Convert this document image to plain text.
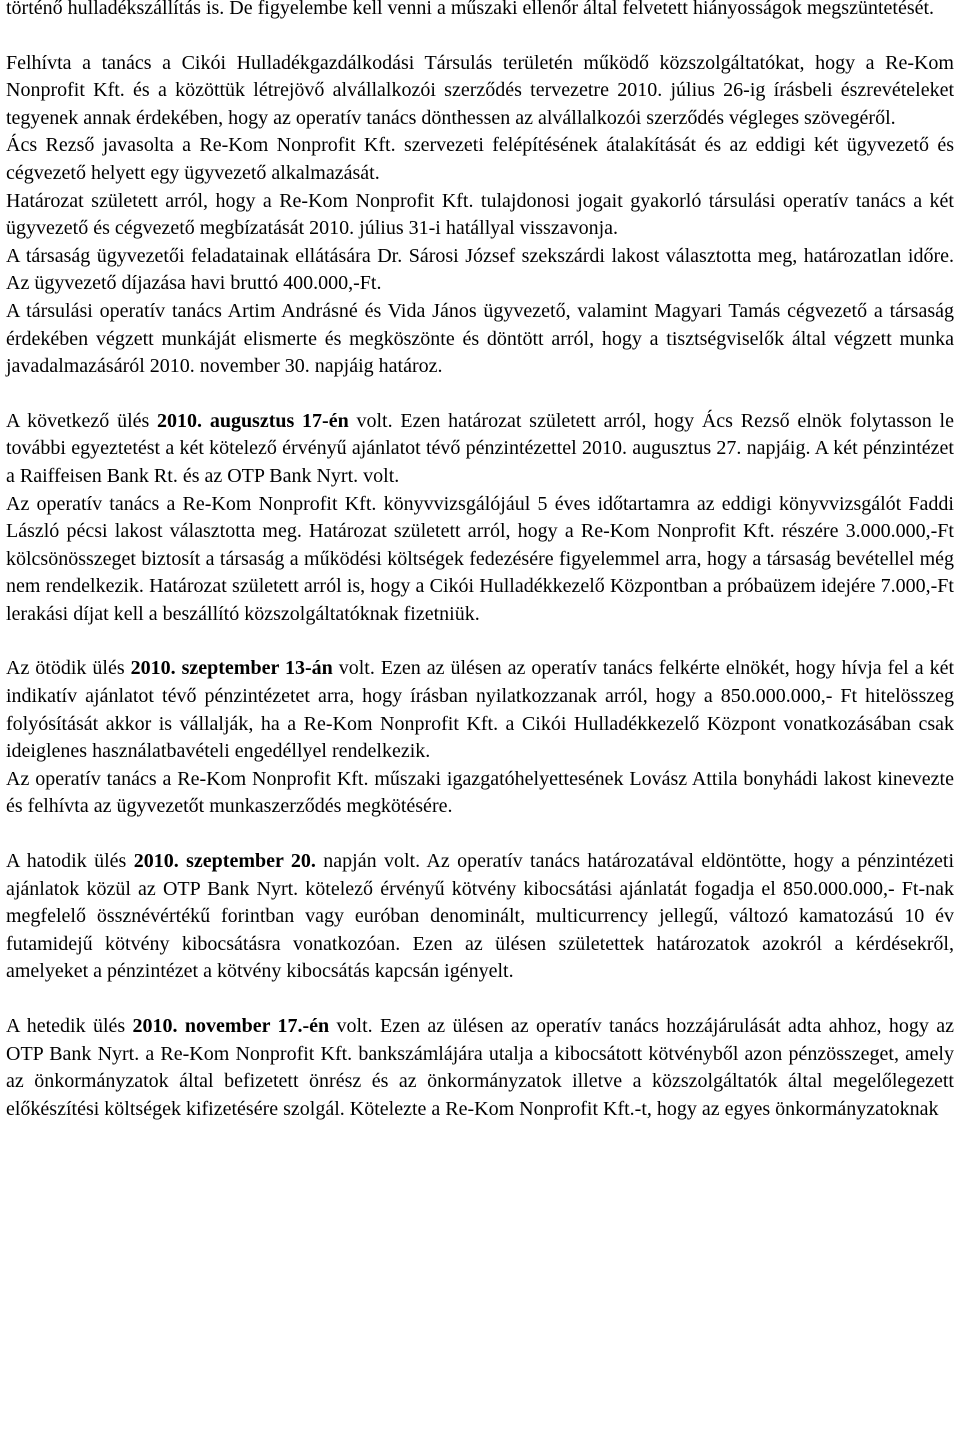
történő hulladékszállítás is. De figyelembe kell venni a műszaki ellenőr által felvetett hiányosságok megszüntetését.

Felhívta a tanács a Cikói Hulladékgazdálkodási Társulás területén működő közszolgáltatókat, hogy a Re-Kom Nonprofit Kft. és a közöttük létrejövő alvállalkozói szerződés tervezetre 2010. július 26-ig írásbeli észrevételeket tegyenek annak érdekében, hogy az operatív tanács dönthessen az alvállalkozói szerződés végleges szövegéről.

Ács Rezső javasolta a Re-Kom Nonprofit Kft. szervezeti felépítésének átalakítását és az eddigi két ügyvezető és cégvezető helyett egy ügyvezető alkalmazását.

Határozat született arról, hogy a Re-Kom Nonprofit Kft. tulajdonosi jogait gyakorló társulási operatív tanács a két ügyvezető és cégvezető megbízatását 2010. július 31-i hatállyal visszavonja.

A társaság ügyvezetői feladatainak ellátására Dr. Sárosi József szekszárdi lakost választotta meg, határozatlan időre. Az ügyvezető díjazása havi bruttó 400.000,-Ft.

A társulási operatív tanács Artim Andrásné és Vida János ügyvezető, valamint Magyari Tamás cégvezető a társaság érdekében végzett munkáját elismerte és megköszönte és döntött arról, hogy a tisztségviselők által végzett munka javadalmazásáról 2010. november 30. napjáig határoz.

A következő ülés 2010. augusztus 17-én volt. Ezen határozat született arról, hogy Ács Rezső elnök folytasson le további egyeztetést a két kötelező érvényű ajánlatot tévő pénzintézettel 2010. augusztus 27. napjáig. A két pénzintézet a Raiffeisen Bank Rt. és az OTP Bank Nyrt. volt.

Az operatív tanács a Re-Kom Nonprofit Kft. könyvvizsgálójául 5 éves időtartamra az eddigi könyvvizsgálót Faddi László pécsi lakost választotta meg. Határozat született arról, hogy a Re-Kom Nonprofit Kft. részére 3.000.000,-Ft kölcsönösszeget biztosít a társaság a működési költségek fedezésére figyelemmel arra, hogy a társaság bevétellel még nem rendelkezik. Határozat született arról is, hogy a Cikói Hulladékkezelő Központban a próbaüzem idejére 7.000,-Ft lerakási díjat kell a beszállító közszolgáltatóknak fizetniük.

Az ötödik ülés 2010. szeptember 13-án volt. Ezen az ülésen az operatív tanács felkérte elnökét, hogy hívja fel a két indikatív ajánlatot tévő pénzintézetet arra, hogy írásban nyilatkozzanak arról, hogy a 850.000.000,- Ft hitelösszeg folyósítását akkor is vállalják, ha a Re-Kom Nonprofit Kft. a Cikói Hulladékkezelő Központ vonatkozásában csak ideiglenes használatbavételi engedéllyel rendelkezik.

Az operatív tanács a Re-Kom Nonprofit Kft. műszaki igazgatóhelyettesének Lovász Attila bonyhádi lakost kinevezte és felhívta az ügyvezetőt munkaszerződés megkötésére.

A hatodik ülés 2010. szeptember 20. napján volt. Az operatív tanács határozatával eldöntötte, hogy a pénzintézeti ajánlatok közül az OTP Bank Nyrt. kötelező érvényű kötvény kibocsátási ajánlatát fogadja el 850.000.000,- Ft-nak megfelelő össznévértékű forintban vagy euróban denominált, multicurrency jellegű, változó kamatozású 10 év futamidejű kötvény kibocsátásra vonatkozóan. Ezen az ülésen születettek határozatok azokról a kérdésekről, amelyeket a pénzintézet a kötvény kibocsátás kapcsán igényelt.

A hetedik ülés 2010. november 17.-én volt. Ezen az ülésen az operatív tanács hozzájárulását adta ahhoz, hogy az OTP Bank Nyrt. a Re-Kom Nonprofit Kft. bankszámlájára utalja a kibocsátott kötvényből azon pénzösszeget, amely az önkormányzatok által befizetett önrész és az önkormányzatok illetve a közszolgáltatók által megelőlegezett előkészítési költségek kifizetésére szolgál. Kötelezte a Re-Kom Nonprofit Kft.-t, hogy az egyes önkormányzatoknak
